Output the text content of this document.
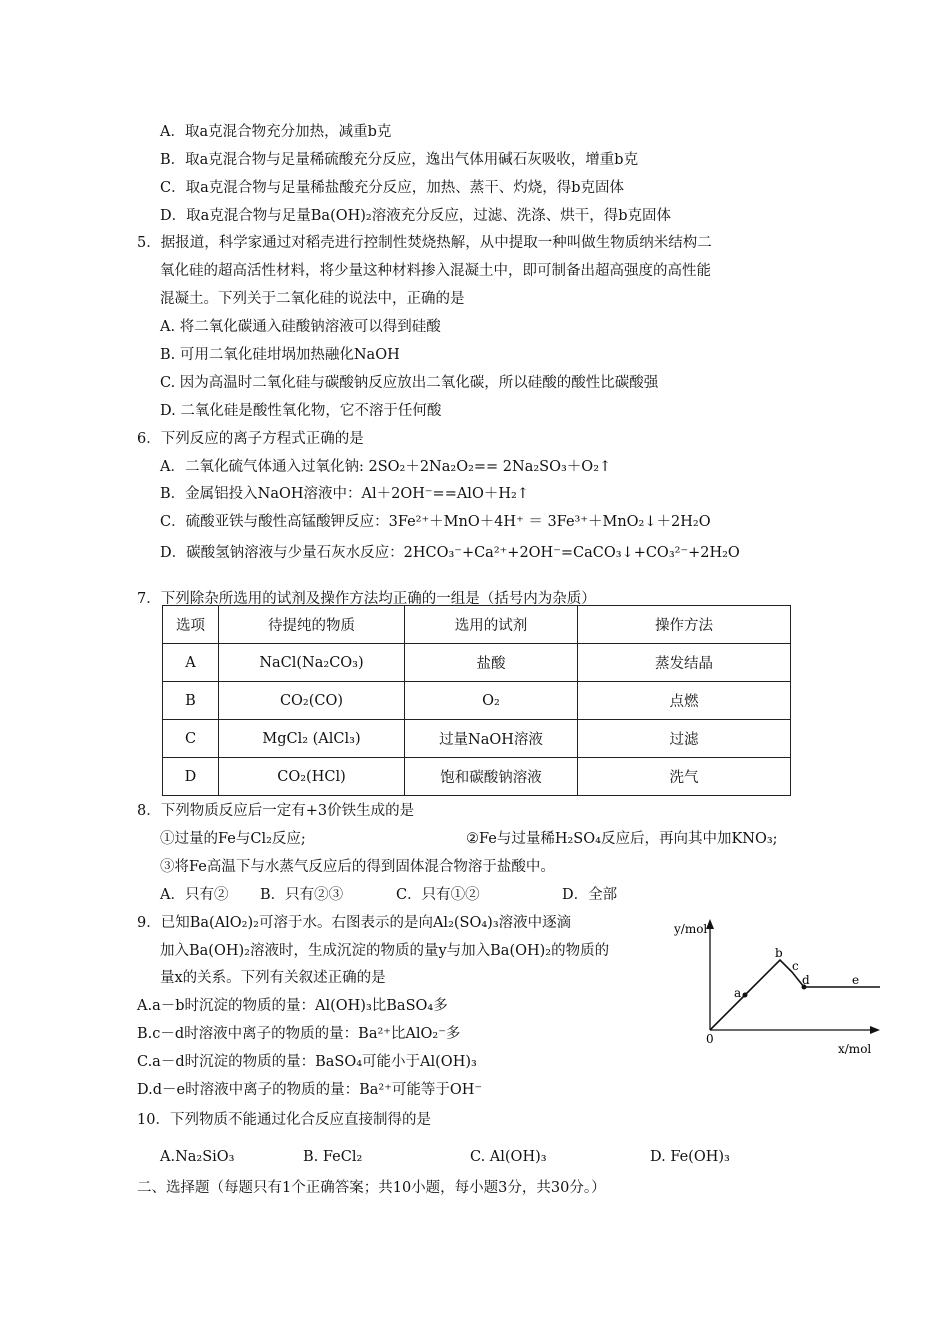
A．取a克混合物充分加热，减重b克
B．取a克混合物与足量稀硫酸充分反应，逸出气体用碱石灰吸收，增重b克
C．取a克混合物与足量稀盐酸充分反应，加热、蒸干、灼烧，得b克固体
D．取a克混合物与足量Ba(OH)₂溶液充分反应，过滤、洗涤、烘干，得b克固体
5．据报道，科学家通过对稻壳进行控制性焚烧热解，从中提取一种叫做生物质纳米结构二
氧化硅的超高活性材料，将少量这种材料掺入混凝土中，即可制备出超高强度的高性能
混凝土。下列关于二氧化硅的说法中，正确的是
A. 将二氧化碳通入硅酸钠溶液可以得到硅酸
B. 可用二氧化硅坩埚加热融化NaOH
C. 因为高温时二氧化硅与碳酸钠反应放出二氧化碳，所以硅酸的酸性比碳酸强
D. 二氧化硅是酸性氧化物，它不溶于任何酸
6．下列反应的离子方程式正确的是
A．二氧化硫气体通入过氧化钠: 2SO₂＋2Na₂O₂== 2Na₂SO₃＋O₂↑
B．金属铝投入NaOH溶液中：Al＋2OH⁻==AlO＋H₂↑
C．硫酸亚铁与酸性高锰酸钾反应：3Fe²⁺＋MnO＋4H⁺ ＝ 3Fe³⁺＋MnO₂↓＋2H₂O
D．碳酸氢钠溶液与少量石灰水反应：2HCO₃⁻+Ca²⁺+2OH⁻=CaCO₃↓+CO₃²⁻+2H₂O
7．下列除杂所选用的试剂及操作方法均正确的一组是（括号内为杂质）
选项	待提纯的物质	选用的试剂	操作方法
A	NaCl(Na₂CO₃)	盐酸	蒸发结晶
B	CO₂(CO)	O₂	点燃
C	MgCl₂ (AlCl₃)	过量NaOH溶液	过滤
D	CO₂(HCl)	饱和碳酸钠溶液	洗气
8．下列物质反应后一定有+3价铁生成的是
①过量的Fe与Cl₂反应;	②Fe与过量稀H₂SO₄反应后，再向其中加KNO₃;
③将Fe高温下与水蒸气反应后的得到固体混合物溶于盐酸中。
A．只有② B．只有②③	C．只有①②	D．全部
9．已知Ba(AlO₂)₂可溶于水。右图表示的是向Al₂(SO₄)₃溶液中逐滴
加入Ba(OH)₂溶液时，生成沉淀的物质的量y与加入Ba(OH)₂的物质的
量x的关系。下列有关叙述正确的是
A.a－b时沉淀的物质的量：Al(OH)₃比BaSO₄多
B.c－d时溶液中离子的物质的量：Ba²⁺比AlO₂⁻多
C.a－d时沉淀的物质的量：BaSO₄可能小于Al(OH)₃
D.d－e时溶液中离子的物质的量：Ba²⁺可能等于OH⁻
y/mol
x/mol
0
a
b
c
d	e
10．下列物质不能通过化合反应直接制得的是
A.Na₂SiO₃	B. FeCl₂	C. Al(OH)₃	D. Fe(OH)₃
二、选择题（每题只有1个正确答案；共10小题，每小题3分，共30分。）
